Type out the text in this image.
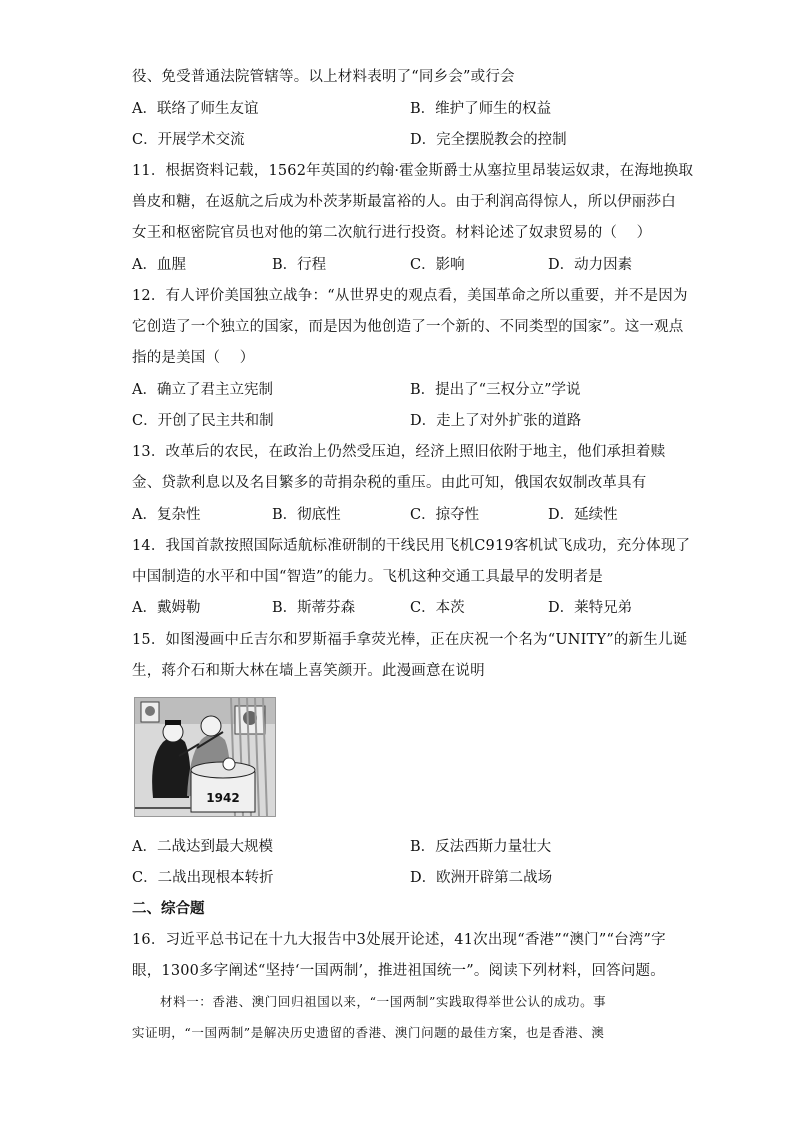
役、免受普通法院管辖等。以上材料表明了“同乡会”或行会
A．联络了师生友谊	B．维护了师生的权益
C．开展学术交流	D．完全摆脱教会的控制
11．根据资料记载，1562年英国的约翰·霍金斯爵士从塞拉里昂装运奴隶，在海地换取
兽皮和糖，在返航之后成为朴茨茅斯最富裕的人。由于利润高得惊人，所以伊丽莎白
女王和枢密院官员也对他的第二次航行进行投资。材料论述了奴隶贸易的（　 ）
A．血腥	B．行程	C．影响	D．动力因素
12．有人评价美国独立战争：“从世界史的观点看，美国革命之所以重要，并不是因为
它创造了一个独立的国家，而是因为他创造了一个新的、不同类型的国家”。这一观点
指的是美国（　 ）
A．确立了君主立宪制	B．提出了“三权分立”学说
C．开创了民主共和制	D．走上了对外扩张的道路
13．改革后的农民，在政治上仍然受压迫，经济上照旧依附于地主，他们承担着赎
金、贷款利息以及名目繁多的苛捐杂税的重压。由此可知，俄国农奴制改革具有
A．复杂性	B．彻底性	C．掠夺性	D．延续性
14．我国首款按照国际适航标准研制的干线民用飞机C919客机试飞成功，充分体现了
中国制造的水平和中国“智造”的能力。飞机这种交通工具最早的发明者是
A．戴姆勒	B．斯蒂芬森	C．本茨	D．莱特兄弟
15．如图漫画中丘吉尔和罗斯福手拿荧光棒，正在庆祝一个名为“UNITY”的新生儿诞
生，蒋介石和斯大林在墙上喜笑颜开。此漫画意在说明
1942
A．二战达到最大规模	B．反法西斯力量壮大
C．二战出现根本转折	D．欧洲开辟第二战场
二、综合题
16．习近平总书记在十九大报告中3处展开论述，41次出现“香港”“澳门”“台湾”字
眼，1300多字阐述“坚持‘一国两制’，推进祖国统一”。阅读下列材料，回答问题。
材料一：香港、澳门回归祖国以来，“一国两制”实践取得举世公认的成功。事
实证明，“一国两制”是解决历史遗留的香港、澳门问题的最佳方案，也是香港、澳
